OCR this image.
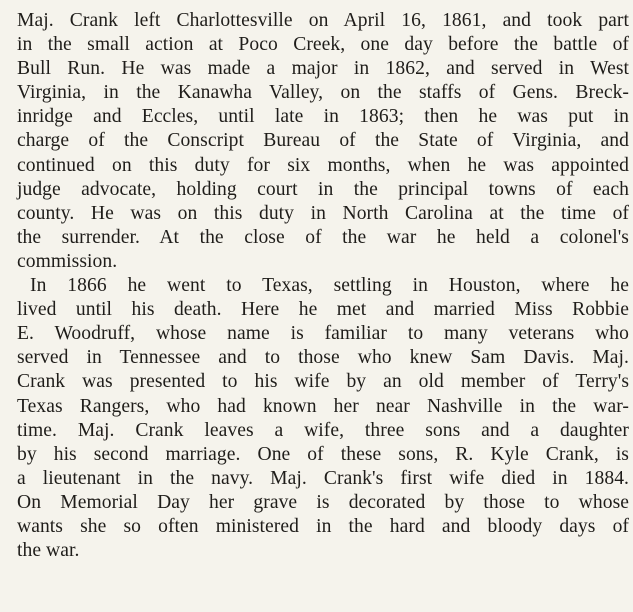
Maj. Crank left Charlottesville on April 16, 1861, and took part
in the small action at Poco Creek, one day before the battle of
Bull Run. He was made a major in 1862, and served in West
Virginia, in the Kanawha Valley, on the staffs of Gens. Breck-
inridge and Eccles, until late in 1863; then he was put in
charge of the Conscript Bureau of the State of Virginia, and
continued on this duty for six months, when he was appointed
judge advocate, holding court in the principal towns of each
county. He was on this duty in North Carolina at the time of
the surrender. At the close of the war he held a colonel's
commission.
In 1866 he went to Texas, settling in Houston, where he
lived until his death. Here he met and married Miss Robbie
E. Woodruff, whose name is familiar to many veterans who
served in Tennessee and to those who knew Sam Davis. Maj.
Crank was presented to his wife by an old member of Terry's
Texas Rangers, who had known her near Nashville in the war-
time. Maj. Crank leaves a wife, three sons and a daughter
by his second marriage. One of these sons, R. Kyle Crank, is
a lieutenant in the navy. Maj. Crank's first wife died in 1884.
On Memorial Day her grave is decorated by those to whose
wants she so often ministered in the hard and bloody days of
the war.
